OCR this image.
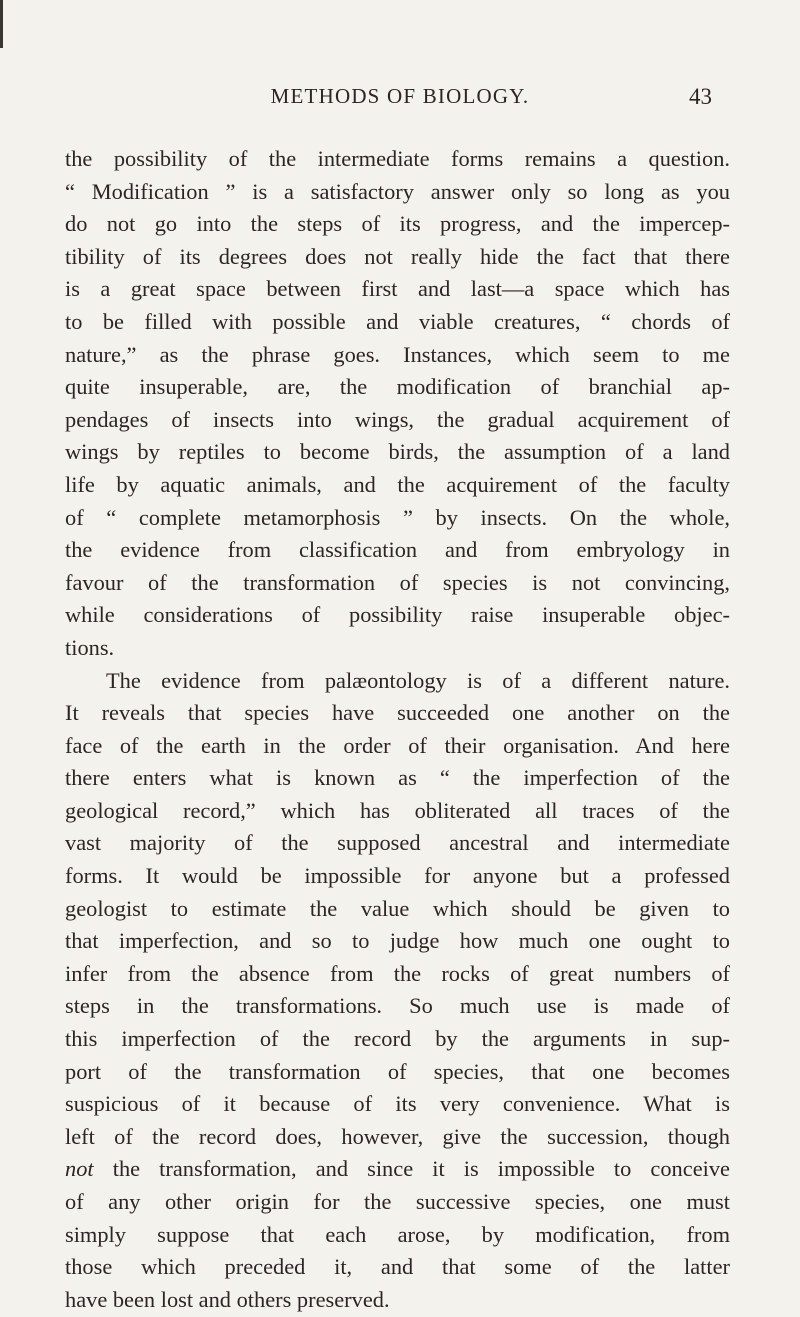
METHODS OF BIOLOGY.	43
the possibility of the intermediate forms remains a question.
“ Modification ” is a satisfactory answer only so long as you
do not go into the steps of its progress, and the impercep-
tibility of its degrees does not really hide the fact that there
is a great space between first and last—a space which has
to be filled with possible and viable creatures, “ chords of
nature,” as the phrase goes. Instances, which seem to me
quite insuperable, are, the modification of branchial ap-
pendages of insects into wings, the gradual acquirement of
wings by reptiles to become birds, the assumption of a land
life by aquatic animals, and the acquirement of the faculty
of “ complete metamorphosis ” by insects. On the whole,
the evidence from classification and from embryology in
favour of the transformation of species is not convincing,
while considerations of possibility raise insuperable objec-
tions.
The evidence from palæontology is of a different nature.
It reveals that species have succeeded one another on the
face of the earth in the order of their organisation. And here
there enters what is known as “ the imperfection of the
geological record,” which has obliterated all traces of the
vast majority of the supposed ancestral and intermediate
forms. It would be impossible for anyone but a professed
geologist to estimate the value which should be given to
that imperfection, and so to judge how much one ought to
infer from the absence from the rocks of great numbers of
steps in the transformations. So much use is made of
this imperfection of the record by the arguments in sup-
port of the transformation of species, that one becomes
suspicious of it because of its very convenience. What is
left of the record does, however, give the succession, though
not the transformation, and since it is impossible to conceive
of any other origin for the successive species, one must
simply suppose that each arose, by modification, from
those which preceded it, and that some of the latter
have been lost and others preserved.
